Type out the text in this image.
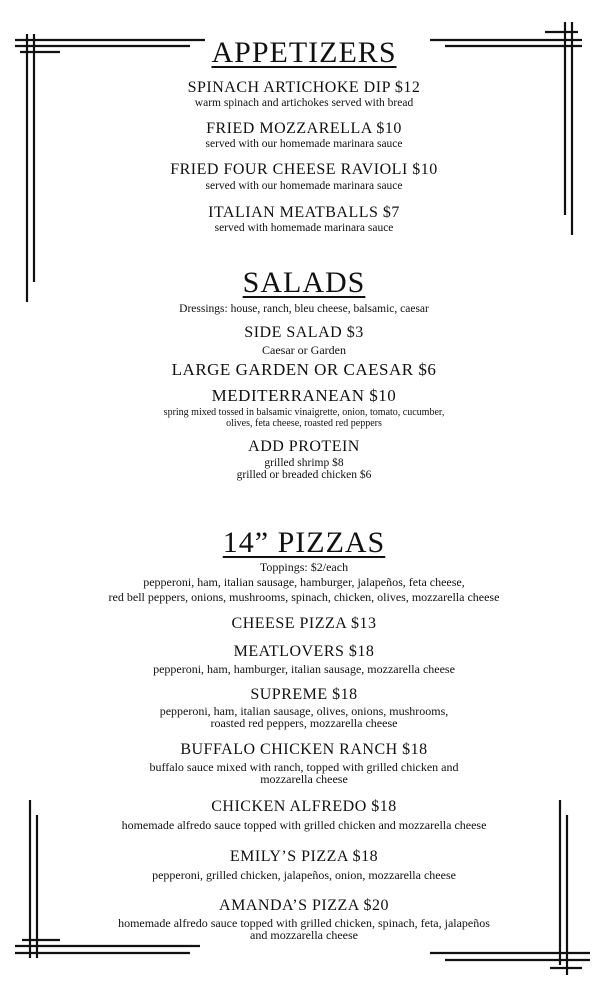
APPETIZERS
SPINACH ARTICHOKE DIP $12
warm spinach and artichokes served with bread
FRIED MOZZARELLA $10
served with our homemade marinara sauce
FRIED FOUR CHEESE RAVIOLI $10
served with our homemade marinara sauce
ITALIAN MEATBALLS $7
served with homemade marinara sauce
SALADS
Dressings: house, ranch, bleu cheese, balsamic, caesar
SIDE SALAD $3
Caesar or Garden
LARGE GARDEN OR CAESAR $6
MEDITERRANEAN $10
spring mixed tossed in balsamic vinaigrette, onion, tomato, cucumber,
olives, feta cheese, roasted red peppers
ADD PROTEIN
grilled shrimp $8
grilled or breaded chicken $6
14” PIZZAS
Toppings: $2/each
pepperoni, ham, italian sausage, hamburger, jalapeños, feta cheese,
red bell peppers, onions, mushrooms, spinach, chicken, olives, mozzarella cheese
CHEESE PIZZA $13
MEATLOVERS $18
pepperoni, ham, hamburger, italian sausage, mozzarella cheese
SUPREME $18
pepperoni, ham, italian sausage, olives, onions, mushrooms,
roasted red peppers, mozzarella cheese
BUFFALO CHICKEN RANCH $18
buffalo sauce mixed with ranch, topped with grilled chicken and
mozzarella cheese
CHICKEN ALFREDO $18
homemade alfredo sauce topped with grilled chicken and mozzarella cheese
EMILY’S PIZZA $18
pepperoni, grilled chicken, jalapeños, onion, mozzarella cheese
AMANDA’S PIZZA $20
homemade alfredo sauce topped with grilled chicken, spinach, feta, jalapeños
and mozzarella cheese
